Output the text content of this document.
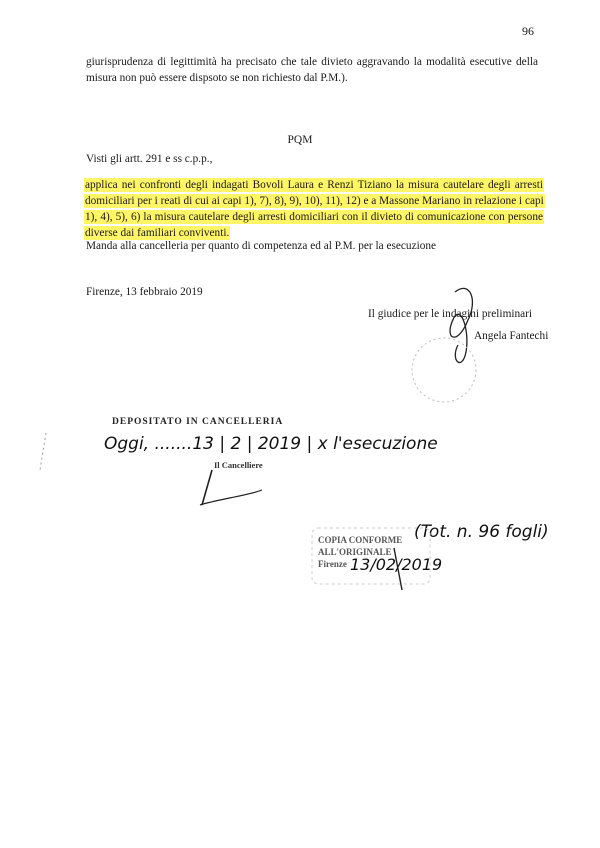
96
giurisprudenza di legittimità ha precisato che tale divieto aggravando la modalità esecutive della misura non può essere dispsoto se non richiesto dal P.M.).
PQM
Visti gli artt. 291 e ss c.p.p.,
applica nei confronti degli indagati Bovoli Laura e Renzi Tiziano la misura cautelare degli arresti domiciliari per i reati di cui ai capi 1), 7), 8), 9), 10), 11), 12) e a Massone Mariano in relazione i capi 1), 4), 5), 6) la misura cautelare degli arresti domiciliari con il divieto di comunicazione con persone diverse dai familiari conviventi.
Manda alla cancelleria per quanto di competenza ed al P.M. per la esecuzione
Firenze, 13 febbraio 2019
Il giudice per le indagini preliminari
Angela Fantechi
DEPOSITATO IN CANCELLERIA
Oggi, .......13 | 2 | 2019 | x l'esecuzione
Il Cancelliere
COPIA CONFORME
ALL'ORIGINALE
Firenze 13/02/2019
(Tot. n. 96 fogli)
